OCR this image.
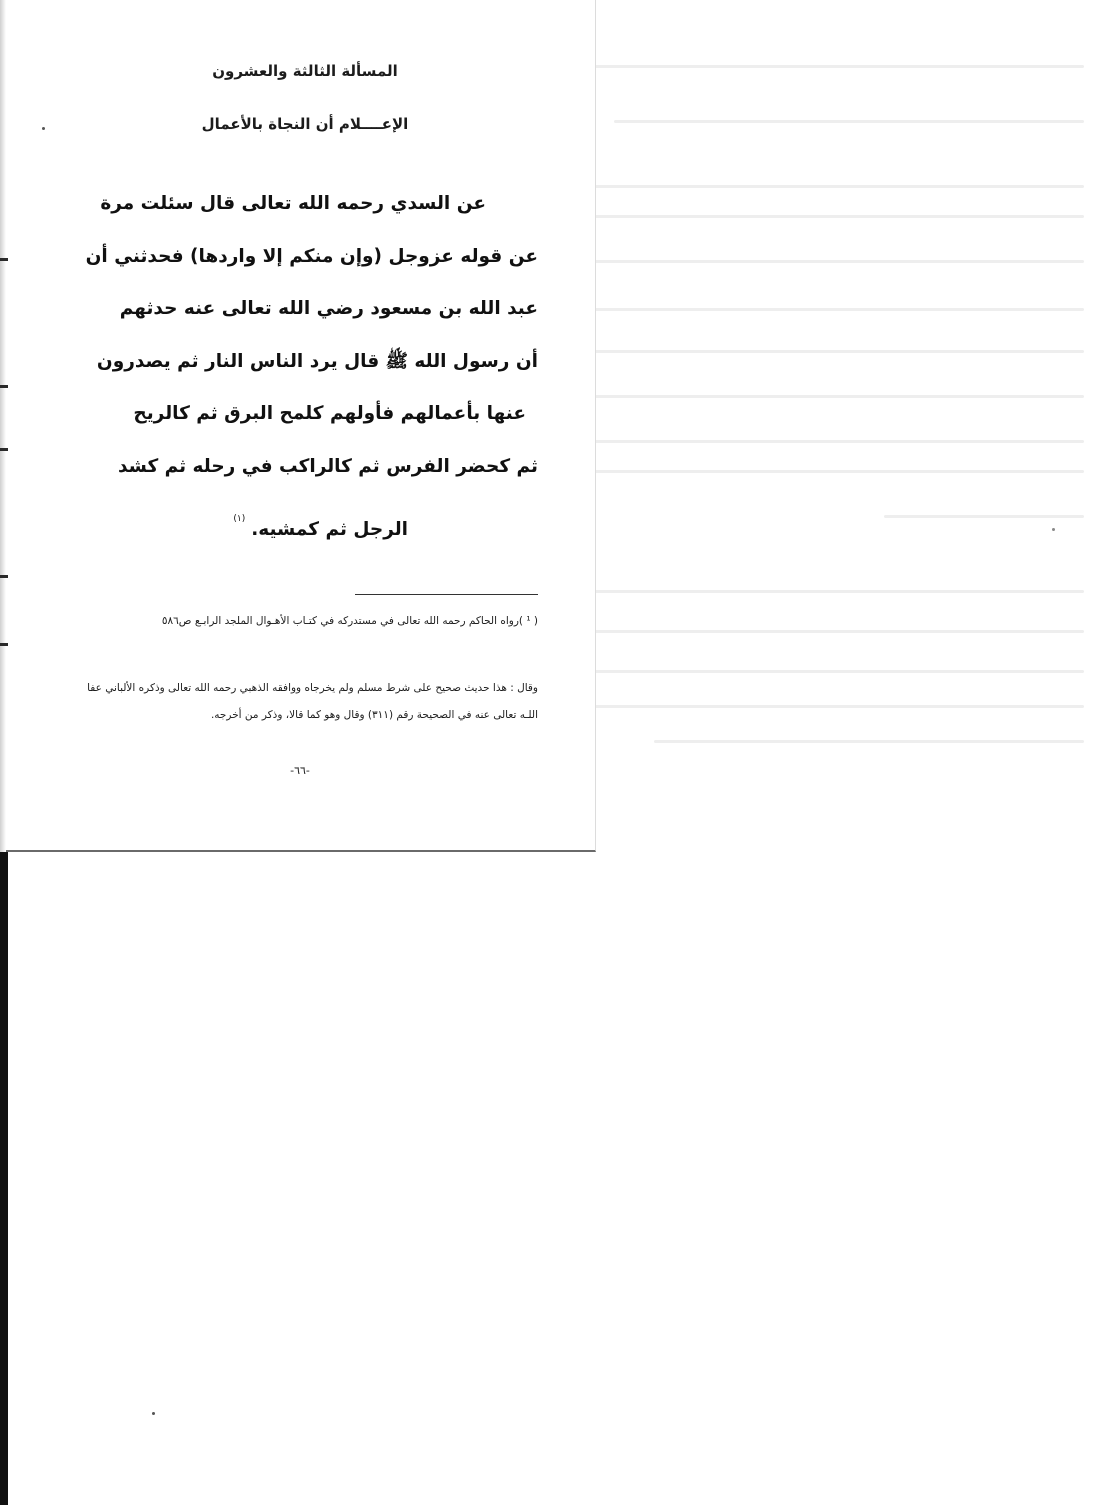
المسألة الثالثة والعشرون
الإعــــلام أن النجاة بالأعمال
عن السدي رحمه الله تعالى قال سئلت مرة
عن قوله عزوجل (وإن منكم إلا واردها) فحدثني أن
عبد الله بن مسعود رضي الله تعالى عنه حدثهم
أن رسول الله ﷺ قال يرد الناس النار ثم يصدرون
عنها بأعمالهم فأولهم كلمح البرق ثم كالريح
ثم كحضر الفرس ثم كالراكب في رحله ثم كشد
الرجل ثم كمشيه.$^{(١)}$
( ¹ )رواه الحاكم رحمه الله تعالى في مستدركه في كتـاب الأهـوال الملجد الرابـع ص٥٨٦
وقال : هذا حديث صحيح على شرط مسلم ولم يخرجاه ووافقه الذهبي رحمه الله تعالى وذكره الألباني عفا اللـه تعالى عنه في الصحيحة رقم (٣١١) وقال وهو كما قالا، وذكر من أخرجه.
-٦٦-
